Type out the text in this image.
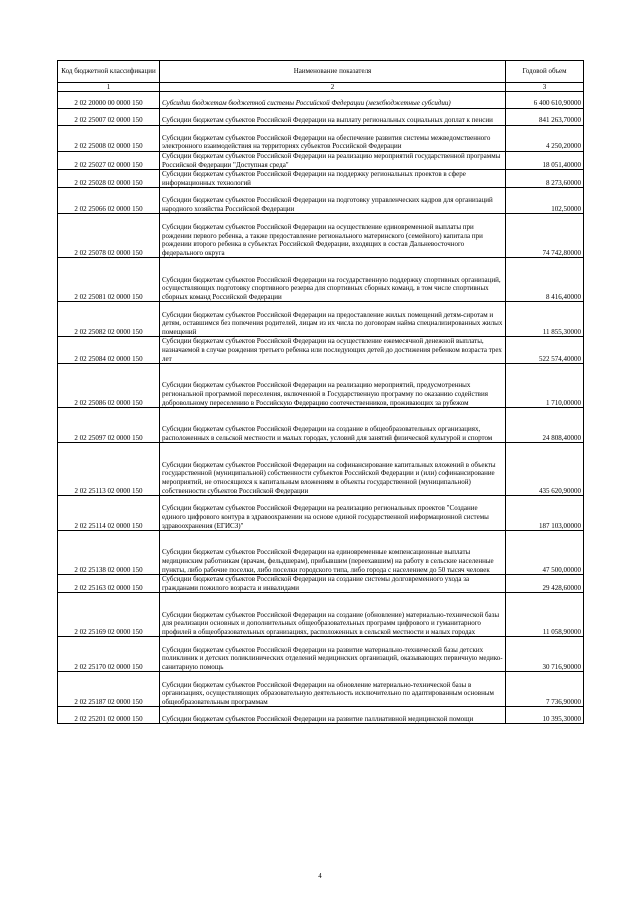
Код бюджетной классификации	Наименование показателя	Годовой объем
1	2	3
2 02 20000 00 0000 150	Субсидии бюджетам бюджетной системы Российской Федерации (межбюджетные субсидии)	6 400 610,90000
2 02 25007 02 0000 150	Субсидии бюджетам субъектов Российской Федерации на выплату региональных социальных доплат к пенсии	841 263,70000
2 02 25008 02 0000 150	Субсидии бюджетам субъектов Российской Федерации на обеспечение развития системы межведомственного электронного взаимодействия на территориях субъектов Российской Федерации	4 250,20000
2 02 25027 02 0000 150	Субсидии бюджетам субъектов Российской Федерации на реализацию мероприятий государственной программы Российской Федерации "Доступная среда"	18 051,40000
2 02 25028 02 0000 150	Субсидии бюджетам субъектов Российской Федерации на поддержку региональных проектов в сфере информационных технологий	8 273,60000
2 02 25066 02 0000 150	Субсидии бюджетам субъектов Российской Федерации на подготовку управленческих кадров для организаций народного хозяйства Российской Федерации	102,50000
2 02 25078 02 0000 150	Субсидии бюджетам субъектов Российской Федерации на осуществление единовременной выплаты при рождении первого ребенка, а также предоставление регионального материнского (семейного) капитала при рождении второго ребенка в субъектах Российской Федерации, входящих в состав Дальневосточного федерального округа	74 742,80000
2 02 25081 02 0000 150	Субсидии бюджетам субъектов Российской Федерации на государственную поддержку спортивных организаций, осуществляющих подготовку спортивного резерва для спортивных сборных команд, в том числе спортивных сборных команд Российской Федерации	8 416,40000
2 02 25082 02 0000 150	Субсидии бюджетам субъектов Российской Федерации на предоставление жилых помещений детям-сиротам и детям, оставшимся без попечения родителей, лицам из их числа по договорам найма специализированных жилых помещений	11 855,30000
2 02 25084 02 0000 150	Субсидии бюджетам субъектов Российской Федерации на осуществление ежемесячной денежной выплаты, назначаемой в случае рождения третьего ребенка или последующих детей до достижения ребенком возраста трех лет	522 574,40000
2 02 25086 02 0000 150	Субсидии бюджетам субъектов Российской Федерации на реализацию мероприятий, предусмотренных региональной программой переселения, включенной в Государственную программу по оказанию содействия добровольному переселению в Российскую Федерацию соотечественников, проживающих за рубежом	1 710,00000
2 02 25097 02 0000 150	Субсидии бюджетам субъектов Российской Федерации на создание в общеобразовательных организациях, расположенных в сельской местности и малых городах, условий для занятий физической культурой и спортом	24 808,40000
2 02 25113 02 0000 150	Субсидии бюджетам субъектов Российской Федерации на софинансирование капитальных вложений в объекты государственной (муниципальной) собственности субъектов Российской Федерации и (или) софинансирование мероприятий, не относящихся к капитальным вложениям в объекты государственной (муниципальной) собственности субъектов Российской Федерации	435 620,90000
2 02 25114 02 0000 150	Субсидии бюджетам субъектов Российской Федерации на реализацию региональных проектов "Создание единого цифрового контура в здравоохранении на основе единой государственной информационной системы здравоохранения (ЕГИСЗ)"	187 103,00000
2 02 25138 02 0000 150	Субсидии бюджетам субъектов Российской Федерации на единовременные компенсационные выплаты медицинским работникам (врачам, фельдшерам), прибывшим (переехавшим) на работу в сельские населенные пункты, либо рабочие поселки, либо поселки городского типа, либо города с населением до 50 тысяч человек	47 500,00000
2 02 25163 02 0000 150	Субсидии бюджетам субъектов Российской Федерации на создание системы долговременного ухода за гражданами пожилого возраста и инвалидами	29 428,60000
2 02 25169 02 0000 150	Субсидии бюджетам субъектов Российской Федерации на создание (обновление) материально-технической базы для реализации основных и дополнительных общеобразовательных программ цифрового и гуманитарного профилей в общеобразовательных организациях, расположенных в сельской местности и малых городах	11 058,90000
2 02 25170 02 0000 150	Субсидии бюджетам субъектов Российской Федерации на развитие материально-технической базы детских поликлиник и детских поликлинических отделений медицинских организаций, оказывающих первичную медико-санитарную помощь	30 716,90000
2 02 25187 02 0000 150	Субсидии бюджетам субъектов Российской Федерации на обновление материально-технической базы в организациях, осуществляющих образовательную деятельность исключительно по адаптированным основным общеобразовательным программам	7 736,90000
2 02 25201 02 0000 150	Субсидии бюджетам субъектов Российской Федерации на развитие паллиативной медицинской помощи	10 395,30000
4
